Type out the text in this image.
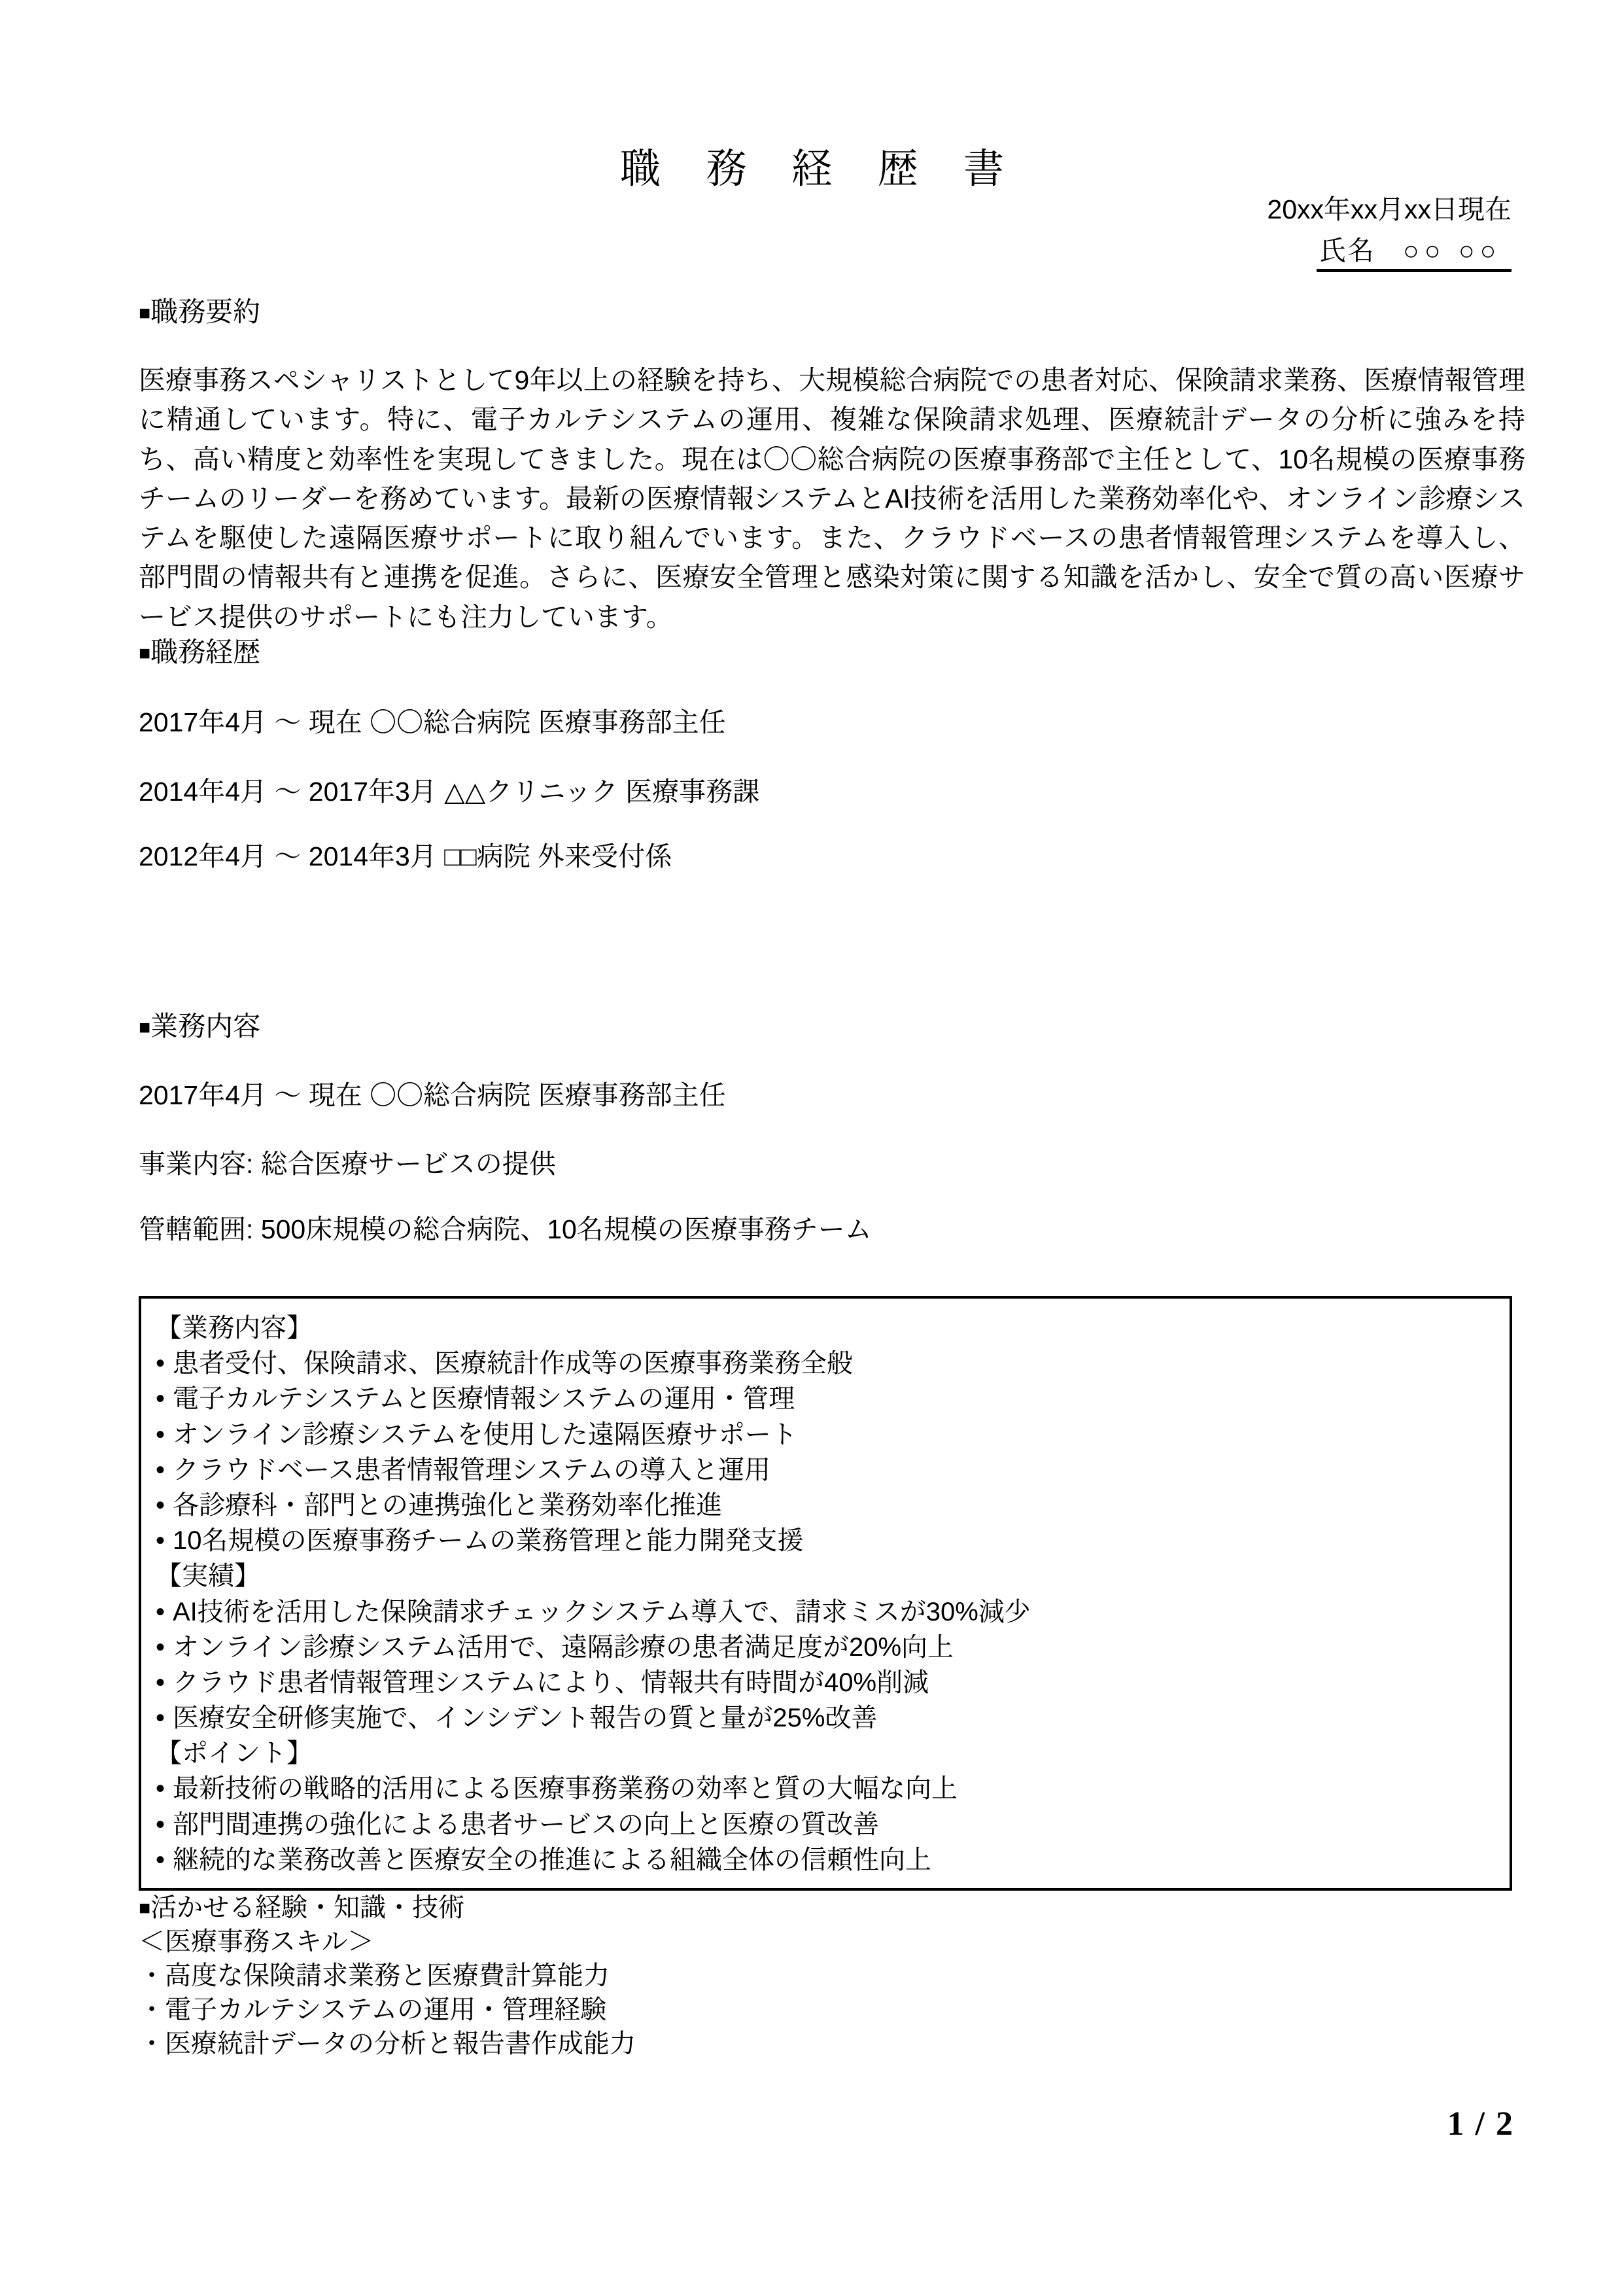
職 務 経 歴 書
20xx年xx月xx日現在
氏名 ○○ ○○
■職務要約
医療事務スペシャリストとして9年以上の経験を持ち、大規模総合病院での患者対応、保険請求業務、医療情報管理に精通しています。特に、電子カルテシステムの運用、複雑な保険請求処理、医療統計データの分析に強みを持ち、高い精度と効率性を実現してきました。現在は〇〇総合病院の医療事務部で主任として、10名規模の医療事務チームのリーダーを務めています。最新の医療情報システムとAI技術を活用した業務効率化や、オンライン診療システムを駆使した遠隔医療サポートに取り組んでいます。また、クラウドベースの患者情報管理システムを導入し、部門間の情報共有と連携を促進。さらに、医療安全管理と感染対策に関する知識を活かし、安全で質の高い医療サービス提供のサポートにも注力しています。
■職務経歴
2017年4月 ～ 現在 〇〇総合病院 医療事務部主任
2014年4月 ～ 2017年3月 △△クリニック 医療事務課
2012年4月 ～ 2014年3月 □□病院 外来受付係
■業務内容
2017年4月 ～ 現在 〇〇総合病院 医療事務部主任
事業内容: 総合医療サービスの提供
管轄範囲: 500床規模の総合病院、10名規模の医療事務チーム
【業務内容】
• 患者受付、保険請求、医療統計作成等の医療事務業務全般
• 電子カルテシステムと医療情報システムの運用・管理
• オンライン診療システムを使用した遠隔医療サポート
• クラウドベース患者情報管理システムの導入と運用
• 各診療科・部門との連携強化と業務効率化推進
• 10名規模の医療事務チームの業務管理と能力開発支援
【実績】
• AI技術を活用した保険請求チェックシステム導入で、請求ミスが30%減少
• オンライン診療システム活用で、遠隔診療の患者満足度が20%向上
• クラウド患者情報管理システムにより、情報共有時間が40%削減
• 医療安全研修実施で、インシデント報告の質と量が25%改善
【ポイント】
• 最新技術の戦略的活用による医療事務業務の効率と質の大幅な向上
• 部門間連携の強化による患者サービスの向上と医療の質改善
• 継続的な業務改善と医療安全の推進による組織全体の信頼性向上
■活かせる経験・知識・技術
＜医療事務スキル＞
・高度な保険請求業務と医療費計算能力
・電子カルテシステムの運用・管理経験
・医療統計データの分析と報告書作成能力
1 / 2
